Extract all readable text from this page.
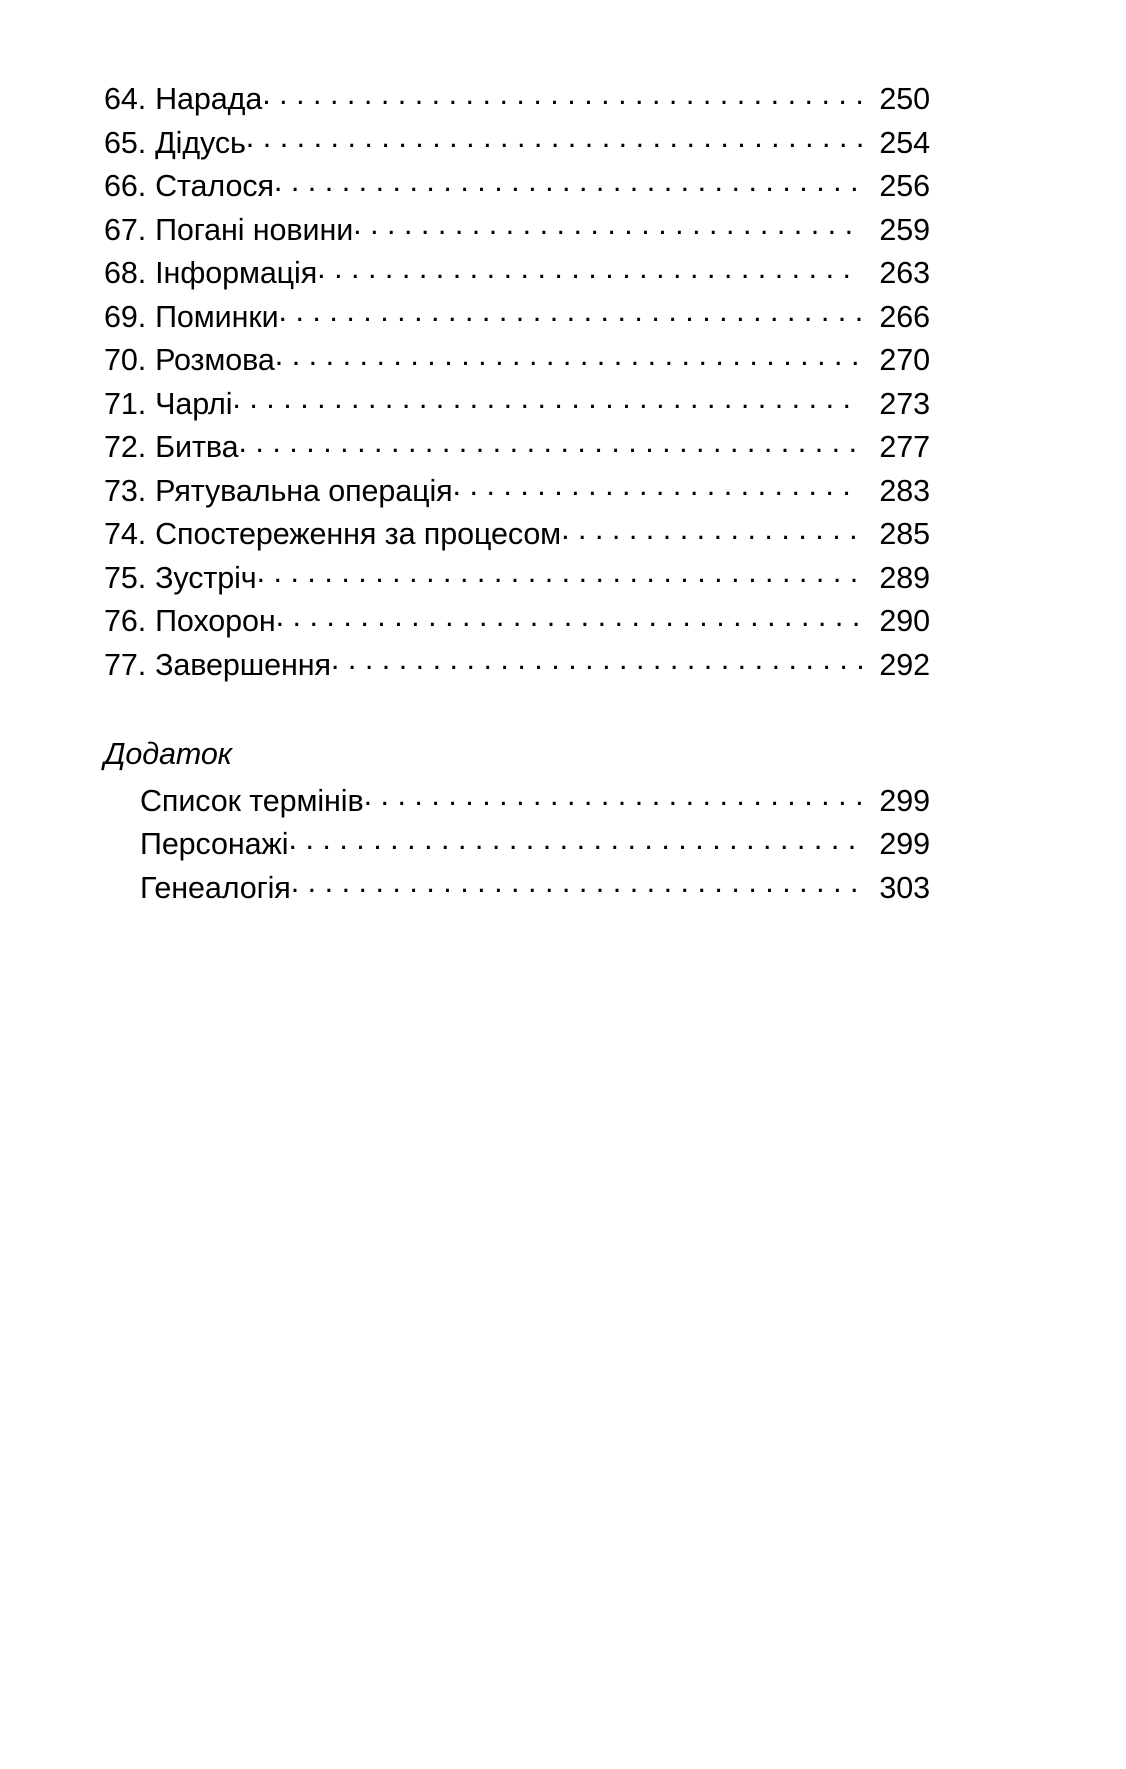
64. Нарада . . .	250
65. Дідусь . . .	254
66. Сталося . . .	256
67. Погані новини . . .	259
68. Інформація . . .	263
69. Поминки . . .	266
70. Розмова . . .	270
71. Чарлі . . .	273
72. Битва . . .	277
73. Рятувальна операція . . .	283
74. Спостереження за процесом . . .	285
75. Зустріч . . .	289
76. Похорон . . .	290
77. Завершення . . .	292
Додаток
Список термінів . . .	299
Персонажі . . .	299
Генеалогія . . .	303
